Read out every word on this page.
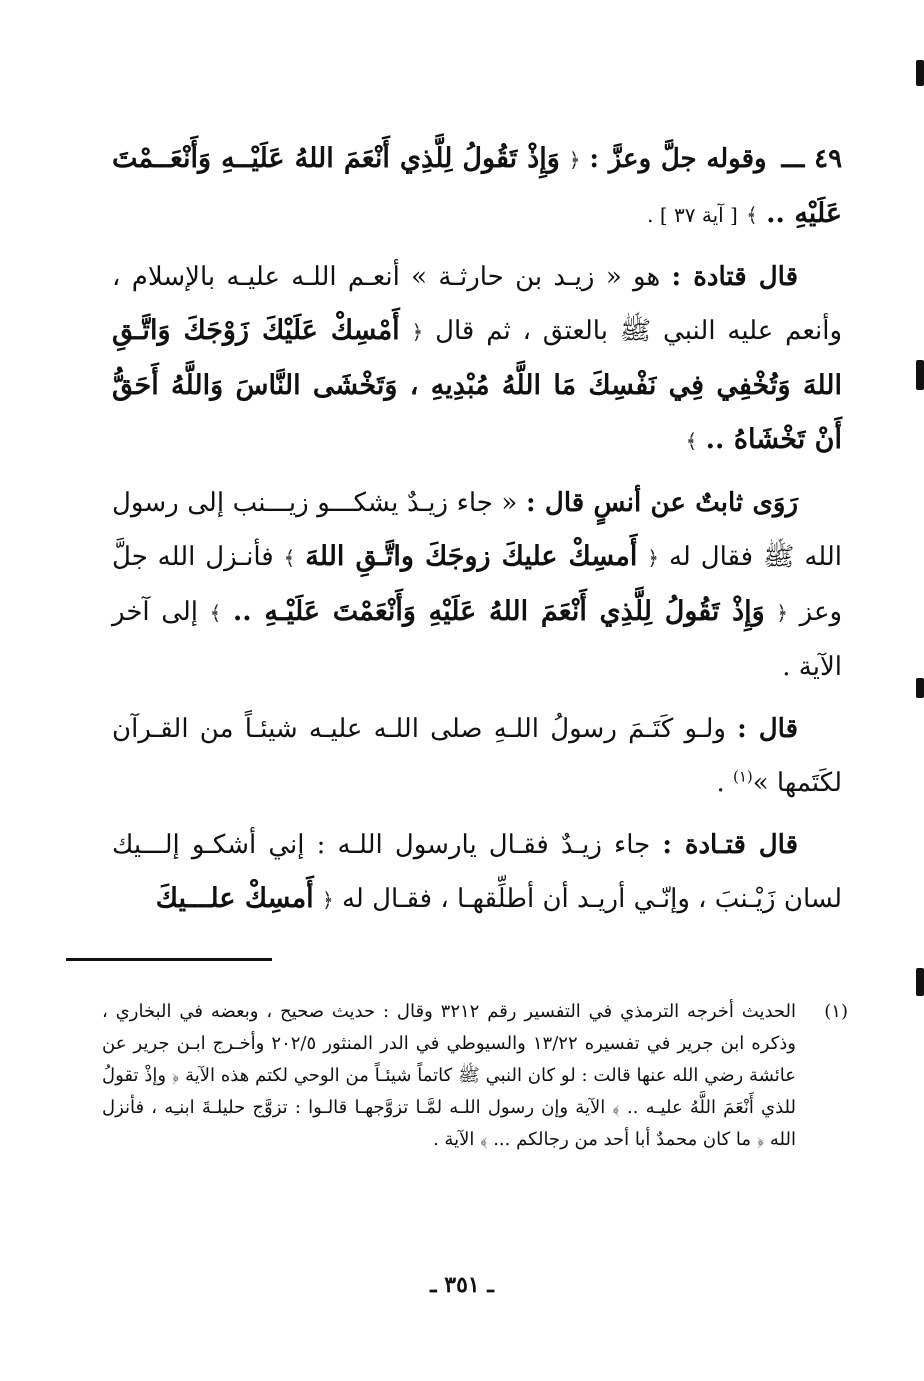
٤٩ ـــ وقوله جلَّ وعزَّ : ﴿ وَإِذْ تَقُولُ لِلَّذِي أَنْعَمَ اللهُ عَلَيْــهِ وَأَنْعَــمْتَ عَلَيْهِ .. ﴾ [ آية ٣٧ ] .

قال قتادة : هو « زيـد بن حارثـة » أنعـم اللـه عليـه بالإسلام ، وأنعم عليه النبي ﷺ بالعتق ، ثم قال ﴿ أَمْسِكْ عَلَيْكَ زَوْجَكَ وَاتَّـقِ اللهَ وَتُخْفِي فِي نَفْسِكَ مَا اللَّهُ مُبْدِيهِ ، وَتَخْشَى النَّاسَ وَاللَّهُ أَحَقُّ أَنْ تَخْشَاهُ .. ﴾

رَوَى ثابتٌ عن أنسٍ قال : « جاء زيـدٌ يشكـــو زيـــنب إلى رسول الله ﷺ فقال له ﴿ أَمسِكْ عليكَ زوجَكَ واتَّـقِ اللهَ ﴾ فأنـزل الله جلَّ وعز ﴿ وَإِذْ تَقُولُ لِلَّذِي أَنْعَمَ اللهُ عَلَيْهِ وَأَنْعَمْتَ عَلَيْـهِ .. ﴾ إلى آخر الآية .

قال : ولـو كَتَـمَ رسولُ اللـهِ صلى اللـه عليـه شيئـاً من القـرآن لكَتَمها »$^{(١)}$ .

قال قتـادة : جاء زيـدٌ فقـال يارسول اللـه : إني أشكـو إلـــيك لسان زَيْـنبَ ، وإنّـي أريـد أن أطلِّقهـا ، فقـال له ﴿ أَمسِكْ علـــيكَ

(١)
الحديث أخرجه الترمذي في التفسير رقم ٣٢١٢ وقال : حديث صحيح ، وبعضه في البخاري ، وذكره ابن جرير في تفسيره ١٣/٢٢ والسيوطي في الدر المنثور ٢٠٢/٥ وأخـرج ابـن جرير عن عائشة رضي الله عنها قالت : لو كان النبي ﷺ كاتماً شيئـاً من الوحي لكتم هذه الآية ﴿ وإذْ تقولُ للذي أَنْعَمَ اللَّهُ عليـه .. ﴾ الآية وإن رسول اللـه لمَّـا تزوَّجهـا قالـوا : تزوَّج حليلـةَ ابنـِه ، فأنزل الله ﴿ ما كان محمدٌ أبا أحد من رجالكم ... ﴾ الآية .
ـ ٣٥١ ـ
